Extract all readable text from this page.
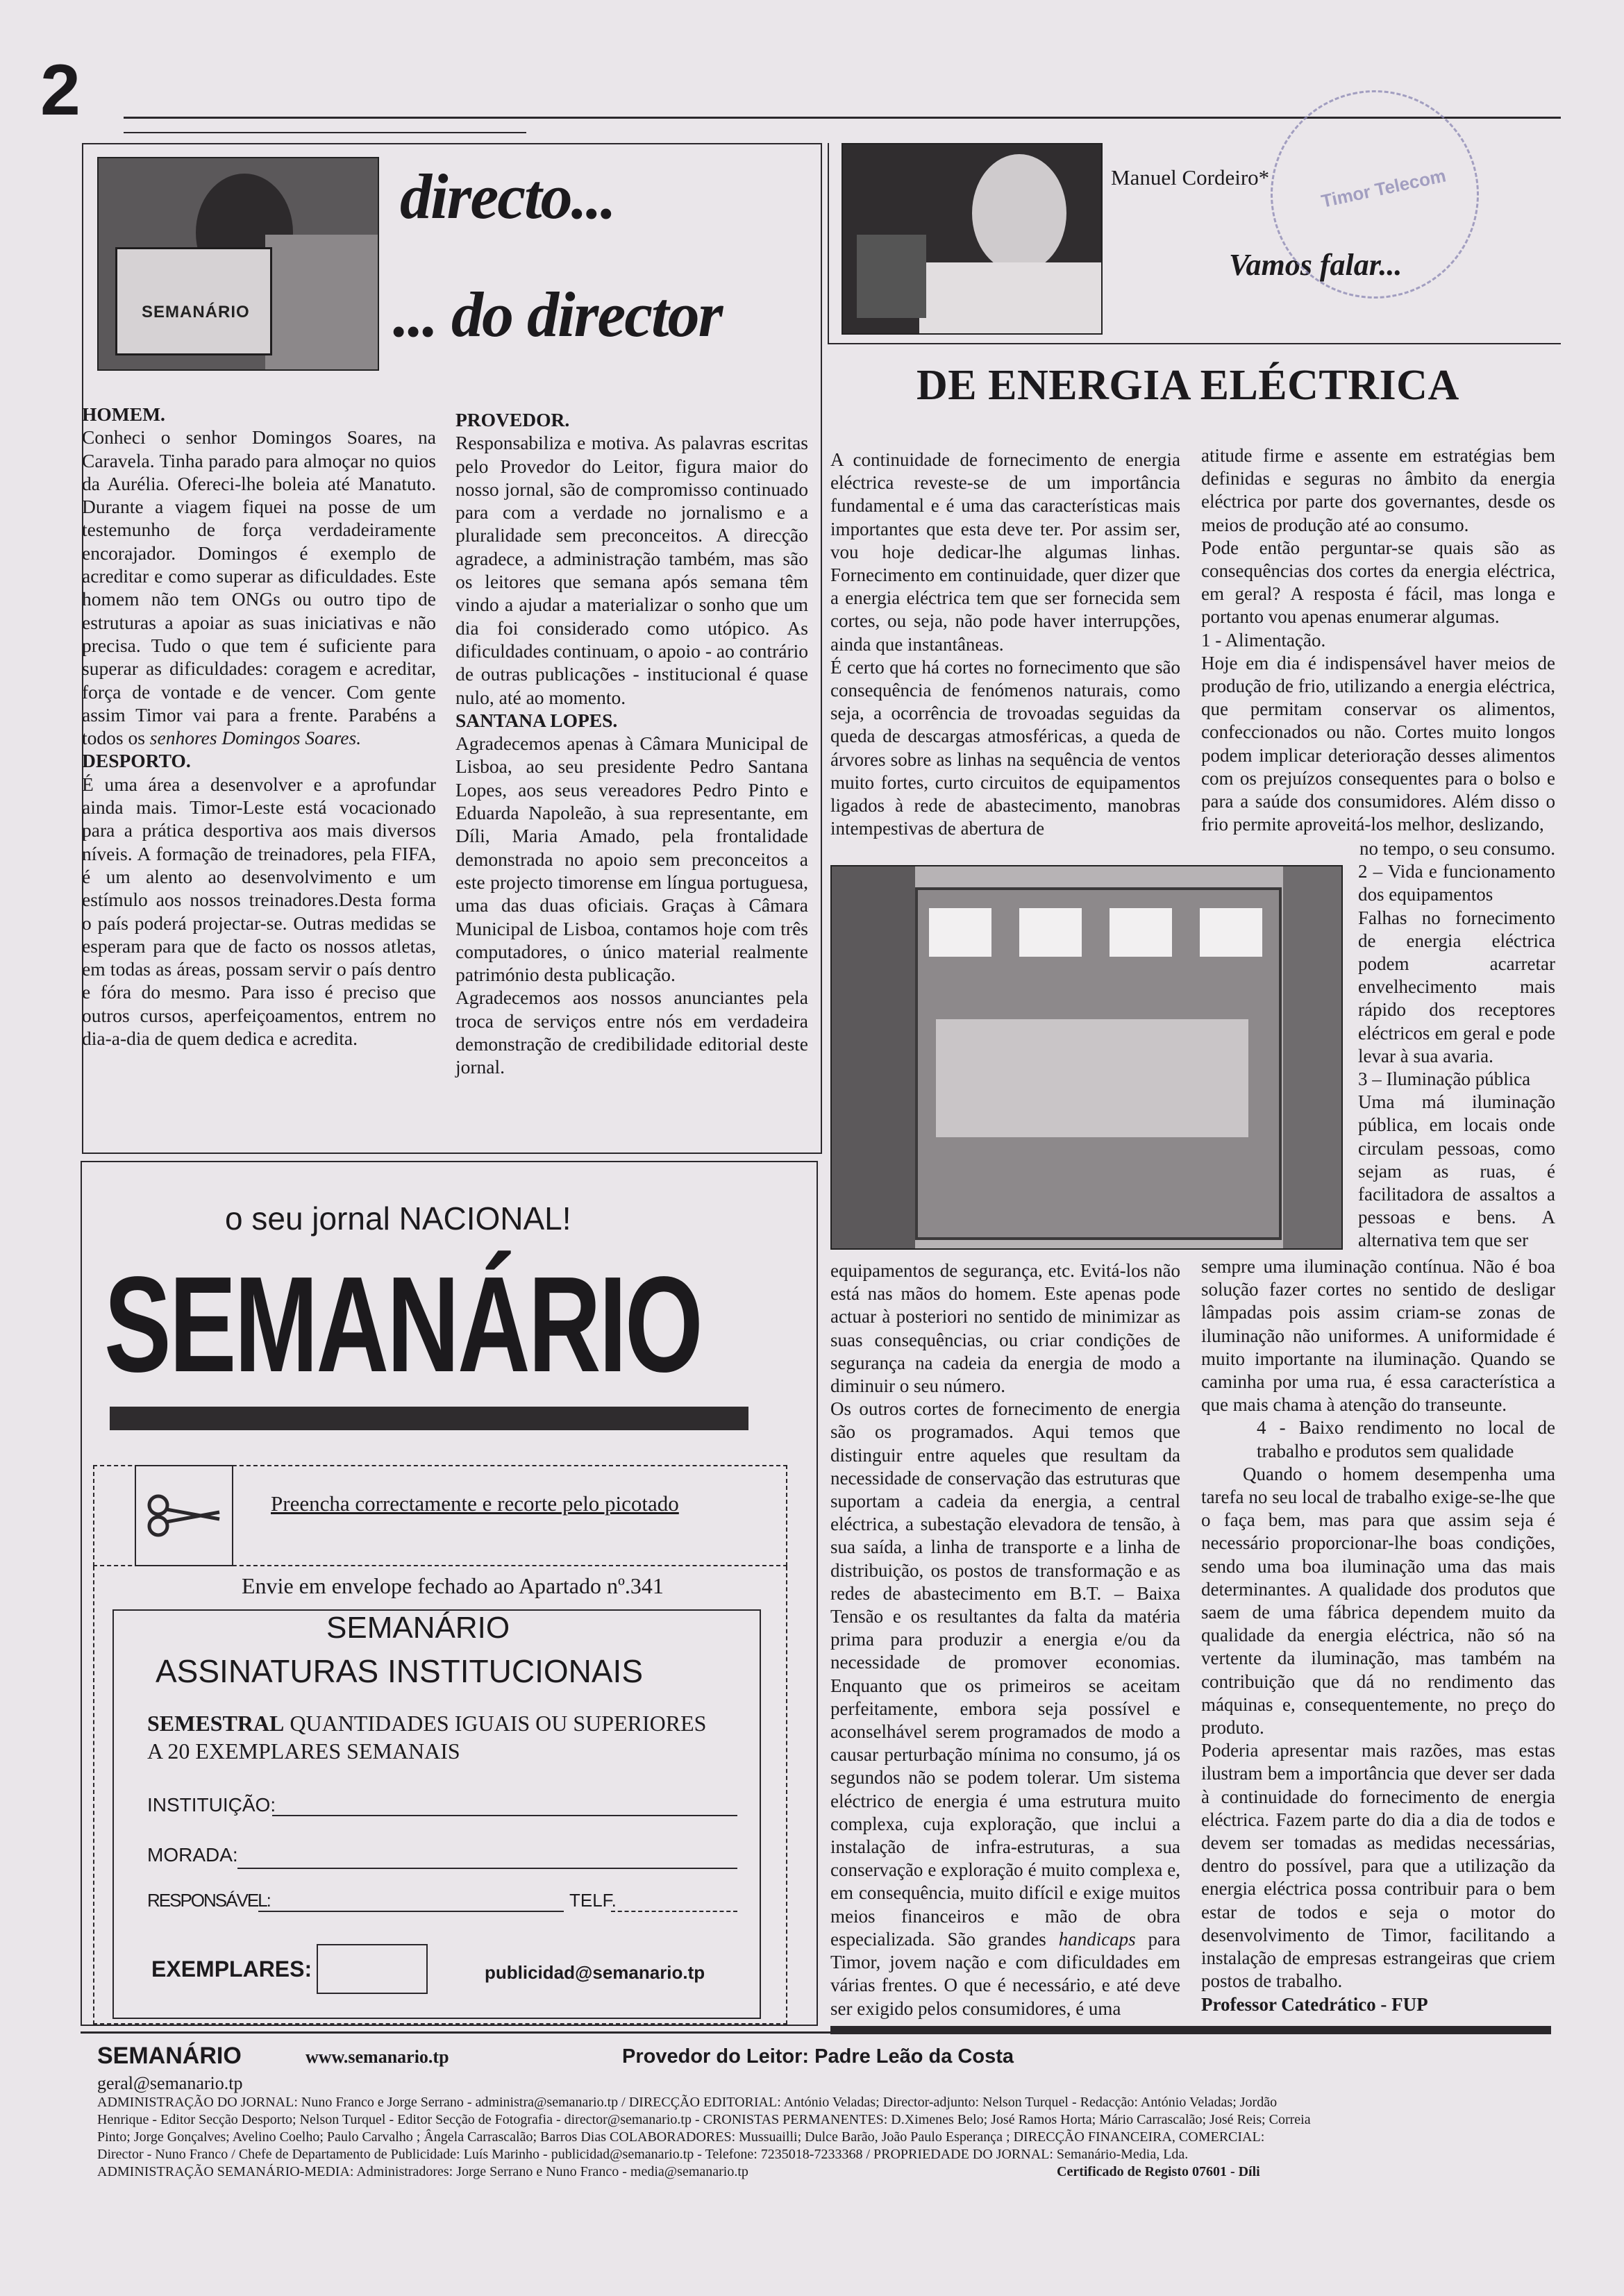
2
SEMANÁRIO
directo...
... do director

HOMEM.

Conheci o senhor Domingos Soares, na Caravela. Tinha parado para almoçar no quios da Aurélia. Ofereci-lhe boleia até Manatuto. Durante a viagem fiquei na posse de um testemunho de força verdadeiramente encorajador. Domingos é exemplo de acreditar e como superar as dificuldades. Este homem não tem ONGs ou outro tipo de estruturas a apoiar as suas iniciativas e não precisa. Tudo o que tem é suficiente para superar as dificuldades: coragem e acreditar, força de vontade e de vencer. Com gente assim Timor vai para a frente. Parabéns a todos os senhores Domingos Soares.

DESPORTO.

É uma área a desenvolver e a aprofundar ainda mais. Timor-Leste está vocacionado para a prática desportiva aos mais diversos níveis. A formação de treinadores, pela FIFA, é um alento ao desenvolvimento e um estímulo aos nossos treinadores.Desta forma o país poderá projectar-se. Outras medidas se esperam para que de facto os nossos atletas, em todas as áreas, possam servir o país dentro e fóra do mesmo. Para isso é preciso que outros cursos, aperfeiçoamentos, entrem no dia-a-dia de quem dedica e acredita.

PROVEDOR.

Responsabiliza e motiva. As palavras escritas pelo Provedor do Leitor, figura maior do nosso jornal, são de compromisso continuado para com a verdade no jornalismo e a pluralidade sem preconceitos. A direcção agradece, a administração também, mas são os leitores que semana após semana têm vindo a ajudar a materializar o sonho que um dia foi considerado como utópico. As dificuldades continuam, o apoio - ao contrário de outras publicações - institucional é quase nulo, até ao momento.

SANTANA LOPES.

Agradecemos apenas à Câmara Municipal de Lisboa, ao seu presidente Pedro Santana Lopes, aos seus vereadores Pedro Pinto e Eduarda Napoleão, à sua representante, em Díli, Maria Amado, pela frontalidade demonstrada no apoio sem preconceitos a este projecto timorense em língua portuguesa, uma das duas oficiais. Graças à Câmara Municipal de Lisboa, contamos hoje com três computadores, o único material realmente património desta publicação.

Agradecemos aos nossos anunciantes pela troca de serviços entre nós em verdadeira demonstração de credibilidade editorial deste jornal.

Manuel Cordeiro*
Vamos falar...
Timor Telecom
DE ENERGIA ELÉCTRICA

A continuidade de fornecimento de energia eléctrica reveste-se de um importância fundamental e é uma das características mais importantes que esta deve ter. Por assim ser, vou hoje dedicar-lhe algumas linhas. Fornecimento em continuidade, quer dizer que a energia eléctrica tem que ser fornecida sem cortes, ou seja, não pode haver interrupções, ainda que instantâneas.

É certo que há cortes no fornecimento que são consequência de fenómenos naturais, como seja, a ocorrência de trovoadas seguidas da queda de descargas atmosféricas, a queda de árvores sobre as linhas na sequência de ventos muito fortes, curto circuitos de equipamentos ligados à rede de abastecimento, manobras intempestivas de abertura de

atitude firme e assente em estratégias bem definidas e seguras no âmbito da energia eléctrica por parte dos governantes, desde os meios de produção até ao consumo.

Pode então perguntar-se quais são as consequências dos cortes da energia eléctrica, em geral? A resposta é fácil, mas longa e portanto vou apenas enumerar algumas.

1 - Alimentação.

Hoje em dia é indispensável haver meios de produção de frio, utilizando a energia eléctrica, que permitam conservar os alimentos, confeccionados ou não. Cortes muito longos podem implicar deterioração desses alimentos com os prejuízos consequentes para o bolso e para a saúde dos consumidores. Além disso o frio permite aproveitá-los melhor, deslizando,

no tempo, o seu consumo.

2 – Vida e funcionamento dos equipamentos

Falhas no fornecimento de energia eléctrica podem acarretar envelhecimento mais rápido dos receptores eléctricos em geral e pode levar à sua avaria.

3 – Iluminação pública

Uma má iluminação pública, em locais onde circulam pessoas, como sejam as ruas, é facilitadora de assaltos a pessoas e bens. A alternativa tem que ser

equipamentos de segurança, etc. Evitá-los não está nas mãos do homem. Este apenas pode actuar à posteriori no sentido de minimizar as suas consequências, ou criar condições de segurança na cadeia da energia de modo a diminuir o seu número.

Os outros cortes de fornecimento de energia são os programados. Aqui temos que distinguir entre aqueles que resultam da necessidade de conservação das estruturas que suportam a cadeia da energia, a central eléctrica, a subestação elevadora de tensão, à sua saída, a linha de transporte e a linha de distribuição, os postos de transformação e as redes de abastecimento em B.T. – Baixa Tensão e os resultantes da falta da matéria prima para produzir a energia e/ou da necessidade de promover economias. Enquanto que os primeiros se aceitam perfeitamente, embora seja possível e aconselhável serem programados de modo a causar perturbação mínima no consumo, já os segundos não se podem tolerar. Um sistema eléctrico de energia é uma estrutura muito complexa, cuja exploração, que inclui a instalação de infra-estruturas, a sua conservação e exploração é muito complexa e, em consequência, muito difícil e exige muitos meios financeiros e mão de obra especializada. São grandes handicaps para Timor, jovem nação e com dificuldades em várias frentes. O que é necessário, e até deve ser exigido pelos consumidores, é uma

sempre uma iluminação contínua. Não é boa solução fazer cortes no sentido de desligar lâmpadas pois assim criam-se zonas de iluminação não uniformes. A uniformidade é muito importante na iluminação. Quando se caminha por uma rua, é essa característica a que mais chama à atenção do transeunte.

4 - Baixo rendimento no local de trabalho e produtos sem qualidade

Quando o homem desempenha uma tarefa no seu local de trabalho exige-se-lhe que o faça bem, mas para que assim seja é necessário proporcionar-lhe boas condições, sendo uma boa iluminação uma das mais determinantes. A qualidade dos produtos que saem de uma fábrica dependem muito da qualidade da energia eléctrica, não só na vertente da iluminação, mas também na contribuição que dá no rendimento das máquinas e, consequentemente, no preço do produto.

Poderia apresentar mais razões, mas estas ilustram bem a importância que dever ser dada à continuidade do fornecimento de energia eléctrica. Fazem parte do dia a dia de todos e devem ser tomadas as medidas necessárias, dentro do possível, para que a utilização da energia eléctrica possa contribuir para o bem estar de todos e seja o motor do desenvolvimento de Timor, facilitando a instalação de empresas estrangeiras que criem postos de trabalho.

Professor Catedrático - FUP

o seu jornal NACIONAL!
SEMANÁRIO
Preencha correctamente e recorte pelo picotado
Envie em envelope fechado ao Apartado nº.341
SEMANÁRIO
ASSINATURAS INSTITUCIONAIS
SEMESTRAL QUANTIDADES IGUAIS OU SUPERIORES
A 20 EXEMPLARES SEMANAIS
INSTITUIÇÃO:
MORADA:
RESPONSÁVEL:	TELF.
EXEMPLARES:	publicidad@semanario.tp
SEMANÁRIO	www.semanario.tp	Provedor do Leitor: Padre Leão da Costa
geral@semanario.tp
ADMINISTRAÇÃO DO JORNAL: Nuno Franco e Jorge Serrano - administra@semanario.tp / DIRECÇÃO EDITORIAL: António Veladas; Director-adjunto: Nelson Turquel - Redacção: António Veladas; Jordão
Henrique - Editor Secção Desporto; Nelson Turquel - Editor Secção de Fotografia - director@semanario.tp - CRONISTAS PERMANENTES: D.Ximenes Belo; José Ramos Horta; Mário Carrascalão; José Reis; Correia
Pinto; Jorge Gonçalves; Avelino Coelho; Paulo Carvalho ; Ângela Carrascalão; Barros Dias COLABORADORES: Mussuailli; Dulce Barão, João Paulo Esperança ; DIRECÇÃO FINANCEIRA, COMERCIAL:
Director - Nuno Franco / Chefe de Departamento de Publicidade: Luís Marinho - publicidad@semanario.tp - Telefone: 7235018-7233368 / PROPRIEDADE DO JORNAL: Semanário-Media, Lda.
ADMINISTRAÇÃO SEMANÁRIO-MEDIA: Administradores: Jorge Serrano e Nuno Franco - media@semanario.tp	Certificado de Registo 07601 - Díli
